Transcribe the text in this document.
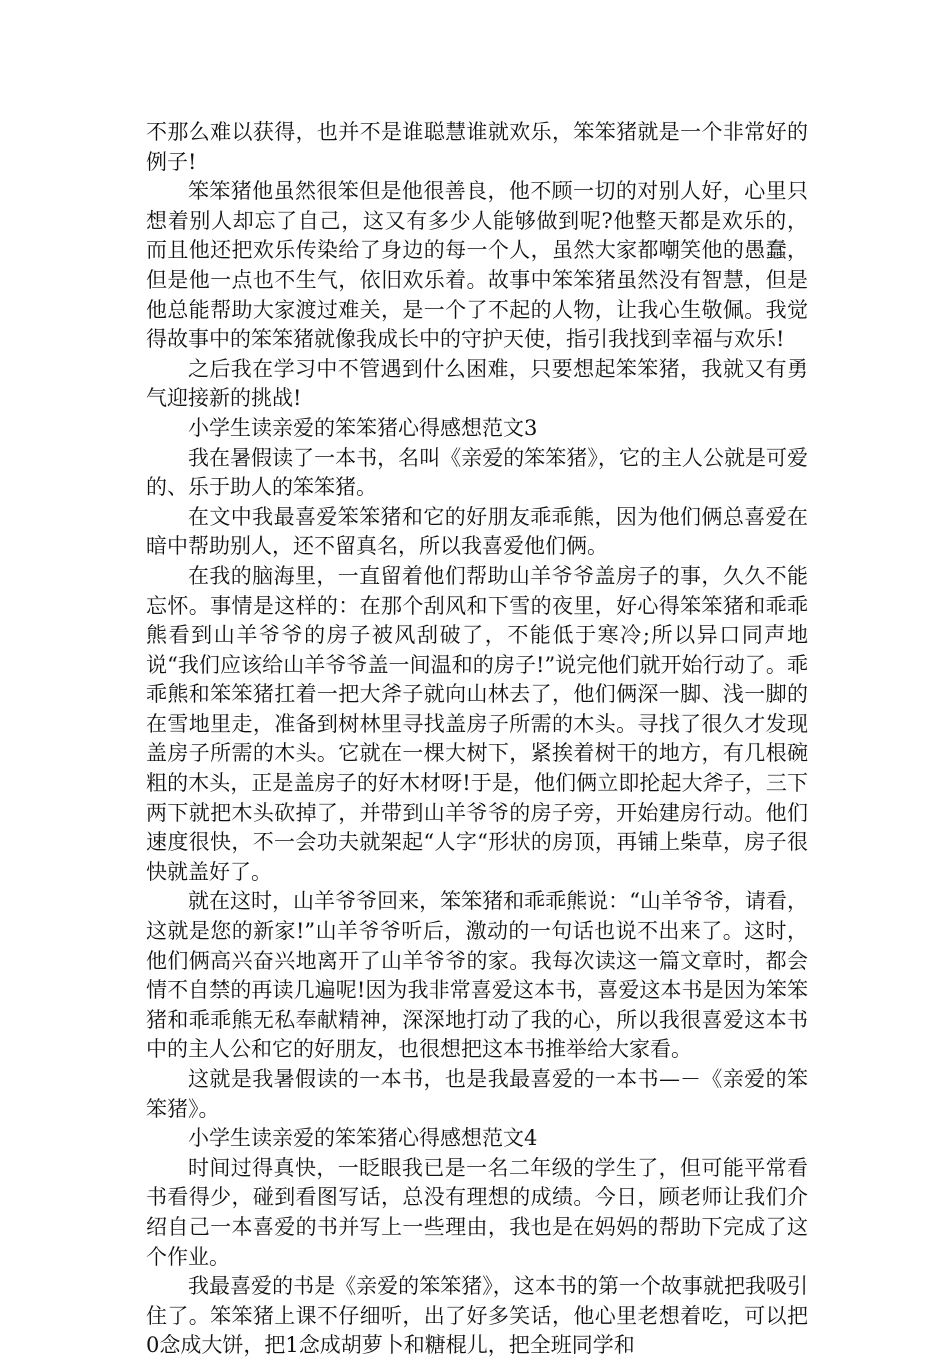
不那么难以获得，也并不是谁聪慧谁就欢乐，笨笨猪就是一个非常好的例子!

笨笨猪他虽然很笨但是他很善良，他不顾一切的对别人好，心里只想着别人却忘了自己，这又有多少人能够做到呢?他整天都是欢乐的，而且他还把欢乐传染给了身边的每一个人，虽然大家都嘲笑他的愚蠢，但是他一点也不生气，依旧欢乐着。故事中笨笨猪虽然没有智慧，但是他总能帮助大家渡过难关，是一个了不起的人物，让我心生敬佩。我觉得故事中的笨笨猪就像我成长中的守护天使，指引我找到幸福与欢乐!

之后我在学习中不管遇到什么困难，只要想起笨笨猪，我就又有勇气迎接新的挑战!

小学生读亲爱的笨笨猪心得感想范文3

我在暑假读了一本书，名叫《亲爱的笨笨猪》，它的主人公就是可爱的、乐于助人的笨笨猪。

在文中我最喜爱笨笨猪和它的好朋友乖乖熊，因为他们俩总喜爱在暗中帮助别人，还不留真名，所以我喜爱他们俩。

在我的脑海里，一直留着他们帮助山羊爷爷盖房子的事，久久不能忘怀。事情是这样的：在那个刮风和下雪的夜里，好心得笨笨猪和乖乖熊看到山羊爷爷的房子被风刮破了，不能低于寒冷;所以异口同声地说“我们应该给山羊爷爷盖一间温和的房子!”说完他们就开始行动了。乖乖熊和笨笨猪扛着一把大斧子就向山林去了，他们俩深一脚、浅一脚的在雪地里走，准备到树林里寻找盖房子所需的木头。寻找了很久才发现盖房子所需的木头。它就在一棵大树下，紧挨着树干的地方，有几根碗粗的木头，正是盖房子的好木材呀!于是，他们俩立即抡起大斧子，三下两下就把木头砍掉了，并带到山羊爷爷的房子旁，开始建房行动。他们速度很快，不一会功夫就架起“人字“形状的房顶，再铺上柴草，房子很快就盖好了。

就在这时，山羊爷爷回来，笨笨猪和乖乖熊说：“山羊爷爷，请看，这就是您的新家!”山羊爷爷听后，激动的一句话也说不出来了。这时，他们俩高兴奋兴地离开了山羊爷爷的家。我每次读这一篇文章时，都会情不自禁的再读几遍呢!因为我非常喜爱这本书，喜爱这本书是因为笨笨猪和乖乖熊无私奉献精神，深深地打动了我的心，所以我很喜爱这本书中的主人公和它的好朋友，也很想把这本书推举给大家看。

这就是我暑假读的一本书，也是我最喜爱的一本书—－《亲爱的笨笨猪》。

小学生读亲爱的笨笨猪心得感想范文4

时间过得真快，一眨眼我已是一名二年级的学生了，但可能平常看书看得少，碰到看图写话，总没有理想的成绩。今日，顾老师让我们介绍自己一本喜爱的书并写上一些理由，我也是在妈妈的帮助下完成了这个作业。

我最喜爱的书是《亲爱的笨笨猪》，这本书的第一个故事就把我吸引住了。笨笨猪上课不仔细听，出了好多笑话，他心里老想着吃，可以把0念成大饼，把1念成胡萝卜和糖棍儿，把全班同学和
